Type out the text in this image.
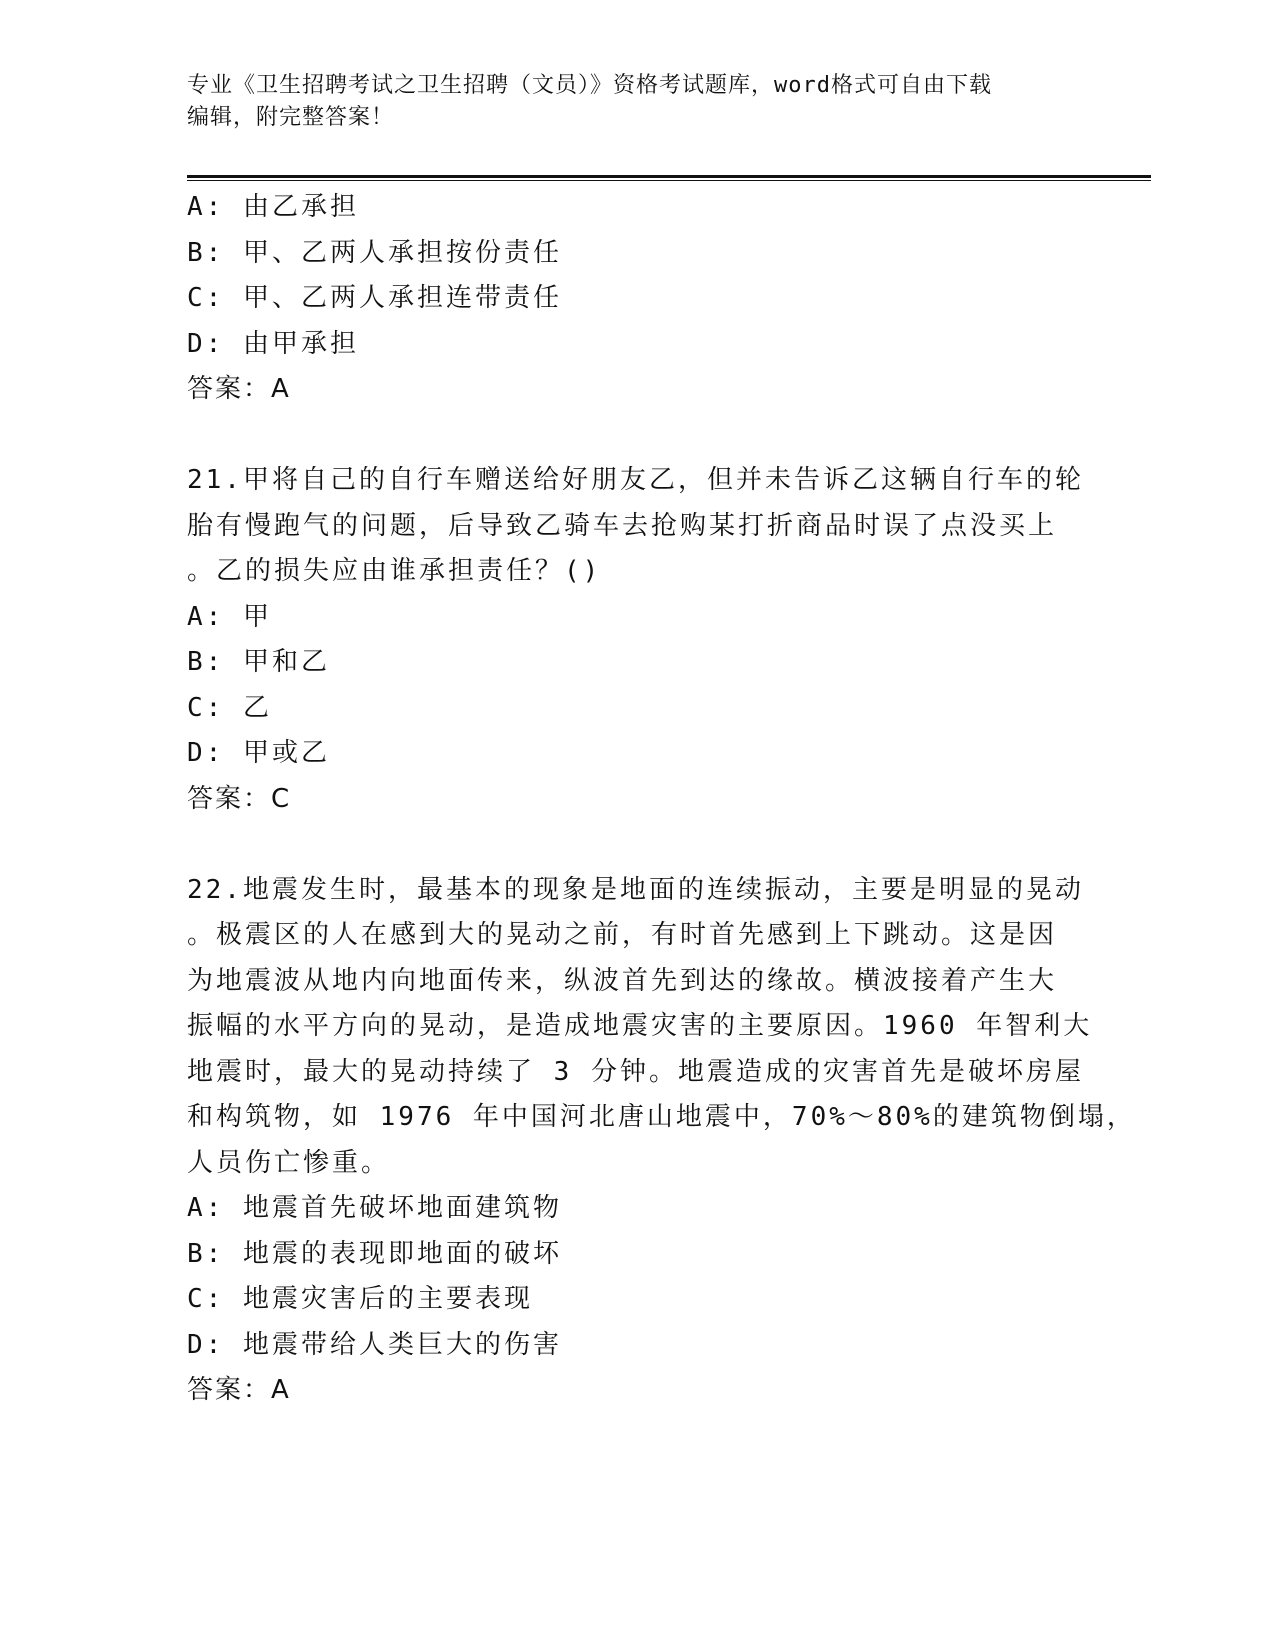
专业《卫生招聘考试之卫生招聘（文员）》资格考试题库，word格式可自由下载
编辑，附完整答案！
A: 由乙承担
B: 甲、乙两人承担按份责任
C: 甲、乙两人承担连带责任
D: 由甲承担
答案：A
21.甲将自己的自行车赠送给好朋友乙，但并未告诉乙这辆自行车的轮
胎有慢跑气的问题，后导致乙骑车去抢购某打折商品时误了点没买上
。乙的损失应由谁承担责任？()
A: 甲
B: 甲和乙
C: 乙
D: 甲或乙
答案：C
22.地震发生时，最基本的现象是地面的连续振动，主要是明显的晃动
。极震区的人在感到大的晃动之前，有时首先感到上下跳动。这是因
为地震波从地内向地面传来，纵波首先到达的缘故。横波接着产生大
振幅的水平方向的晃动，是造成地震灾害的主要原因。1960 年智利大
地震时，最大的晃动持续了 3 分钟。地震造成的灾害首先是破坏房屋
和构筑物，如 1976 年中国河北唐山地震中，70%～80%的建筑物倒塌，
人员伤亡惨重。
A: 地震首先破坏地面建筑物
B: 地震的表现即地面的破坏
C: 地震灾害后的主要表现
D: 地震带给人类巨大的伤害
答案：A
